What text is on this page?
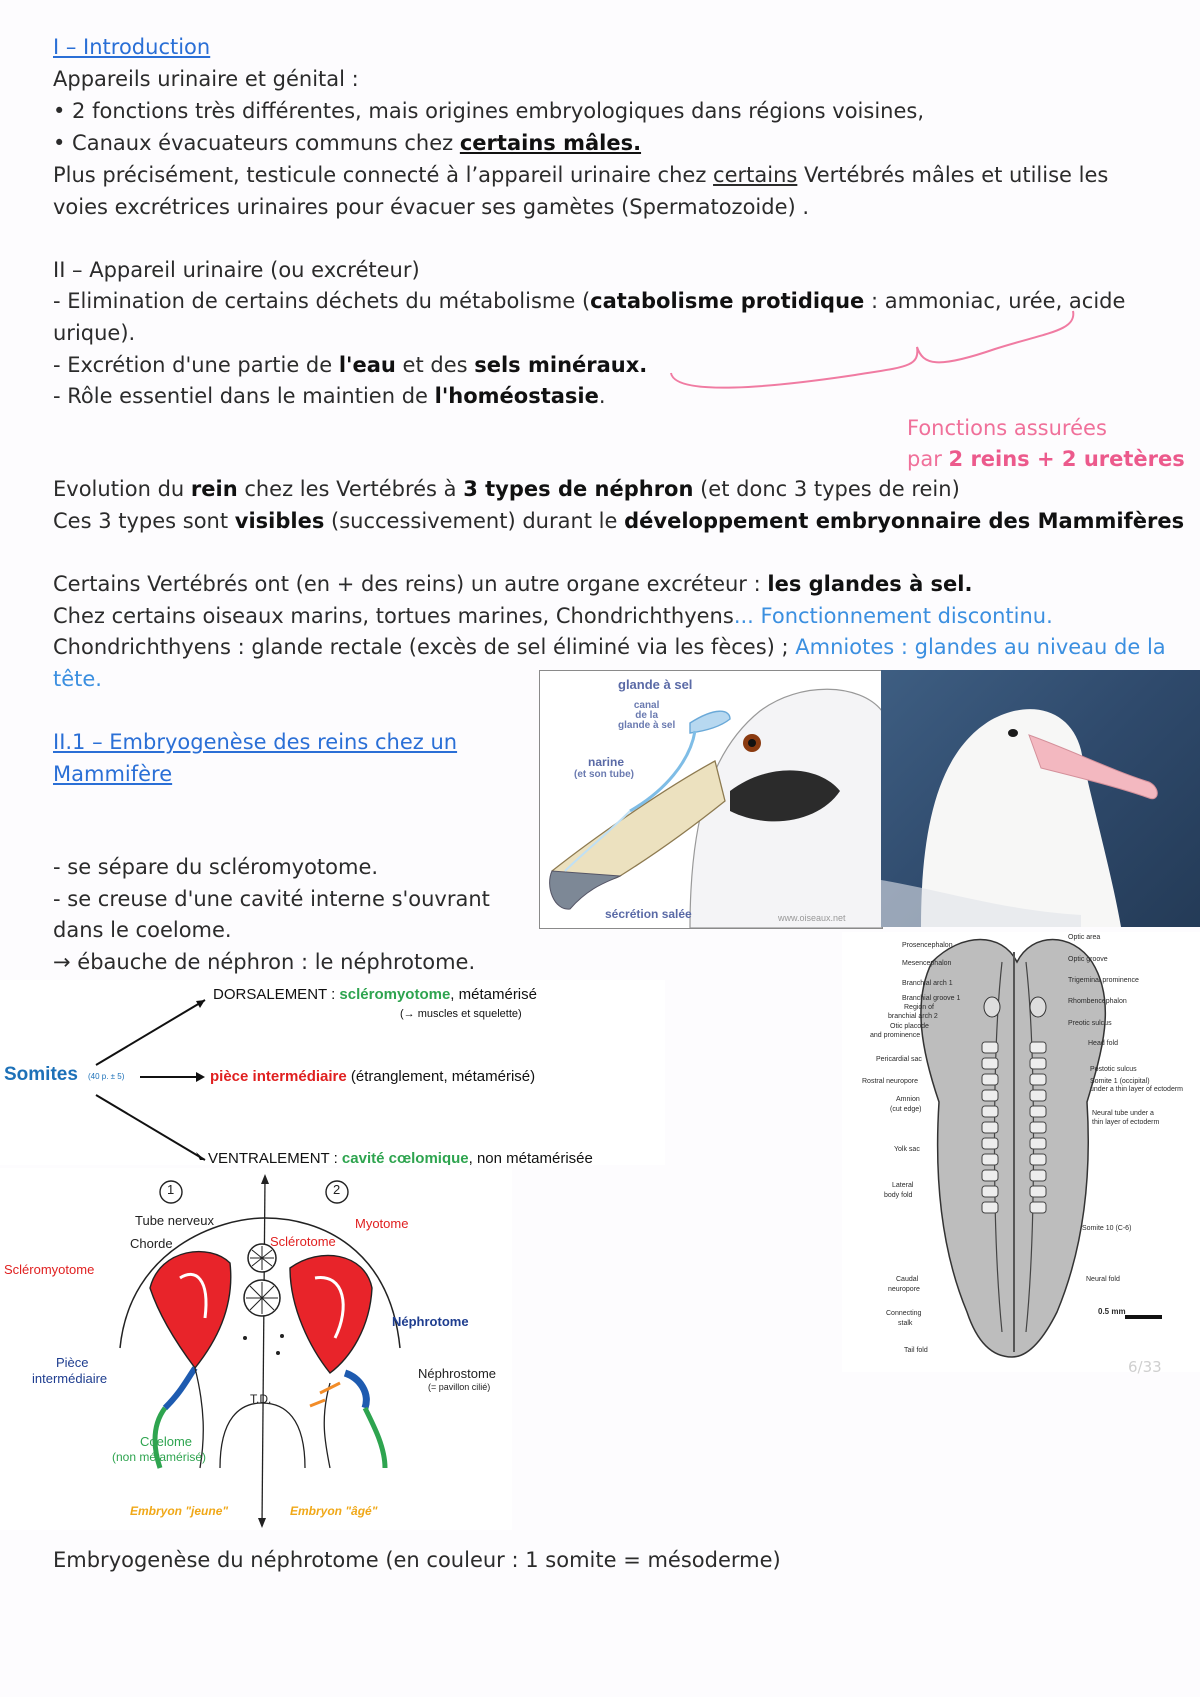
I – Introduction
Appareils urinaire et génital :
• 2 fonctions très différentes, mais origines embryologiques dans régions voisines,
• Canaux évacuateurs communs chez certains mâles.
Plus précisément, testicule connecté à l’appareil urinaire chez certains Vertébrés mâles et utilise les
voies excrétrices urinaires pour évacuer ses gamètes (Spermatozoide) .
II – Appareil urinaire (ou excréteur)
- Elimination de certains déchets du métabolisme (catabolisme protidique : ammoniac, urée, acide
urique).
- Excrétion d'une partie de l'eau et des sels minéraux.
- Rôle essentiel dans le maintien de l'homéostasie.
Fonctions assurées
par 2 reins + 2 uretères
Evolution du rein chez les Vertébrés à 3 types de néphron (et donc 3 types de rein)
Ces 3 types sont visibles (successivement) durant le développement embryonnaire des Mammifères
Certains Vertébrés ont (en + des reins) un autre organe excréteur : les glandes à sel.
Chez certains oiseaux marins, tortues marines, Chondrichthyens... Fonctionnement discontinu.
Chondrichthyens : glande rectale (excès de sel éliminé via les fèces) ; Amniotes : glandes au niveau de la
tête.
II.1 – Embryogenèse des reins chez un
Mammifère
- se sépare du scléromyotome.
- se creuse d'une cavité interne s'ouvrant
dans le coelome.
→ ébauche de néphron : le néphrotome.
glande à sel
canal
de la
glande à sel
narine
(et son tube)
sécrétion salée	www.oiseaux.net
Somites (40 p. ± 5)
DORSALEMENT : scléromyotome, métamérisé
(→ muscles et squelette)
pièce intermédiaire (étranglement, métamérisé)
VENTRALEMENT : cavité cœlomique, non métamérisée
1	2
Tube nerveux
Chorde	Sclérotome
Myotome
Scléromyotome
Néphrotome
Pièce
intermédiaire	Néphrostome
(= pavillon cilié)
T.D.
Coelome
(non métamérisé)
Embryon "jeune"	Embryon "âgé"
Prosencephalon
Mesencephalon
Branchial arch 1
Branchial groove 1
Region of
branchial arch 2
Otic placode
and prominence
Pericardial sac
Rostral neuropore
Amnion
(cut edge)
Yolk sac
Lateral
body fold
Caudal
neuropore
Connecting
stalk
Tail fold
Optic area
Optic groove
Trigeminal prominence
Rhombencephalon
Preotic sulcus
Head fold
Postotic sulcus
Somite 1 (occipital)
under a thin layer of ectoderm
Neural tube under a
thin layer of ectoderm
Somite 10 (C-6)
Neural fold
0.5 mm
6/33
Embryogenèse du néphrotome (en couleur : 1 somite = mésoderme)
